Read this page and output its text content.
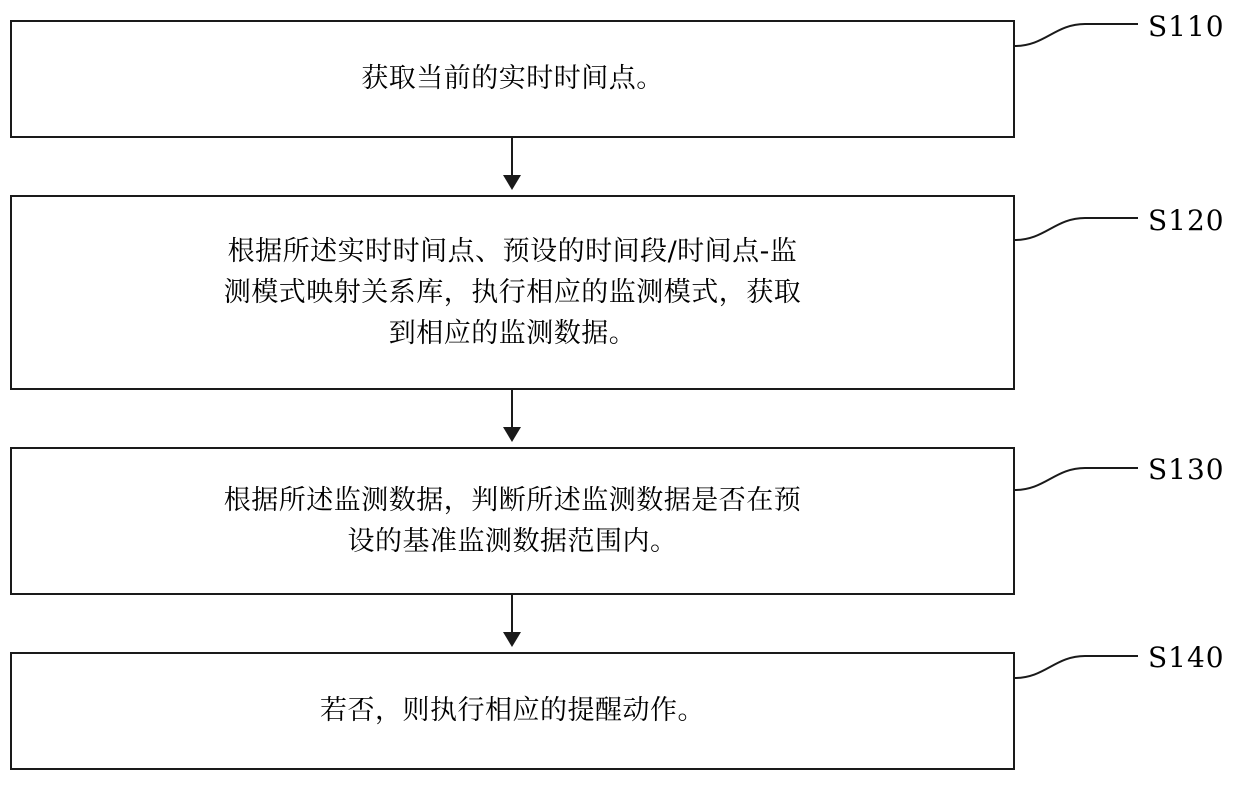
获取当前的实时时间点。
S110
根据所述实时时间点、预设的时间段/时间点-监
测模式映射关系库，执行相应的监测模式，获取
到相应的监测数据。
S120
根据所述监测数据，判断所述监测数据是否在预
设的基准监测数据范围内。
S130
若否，则执行相应的提醒动作。
S140
